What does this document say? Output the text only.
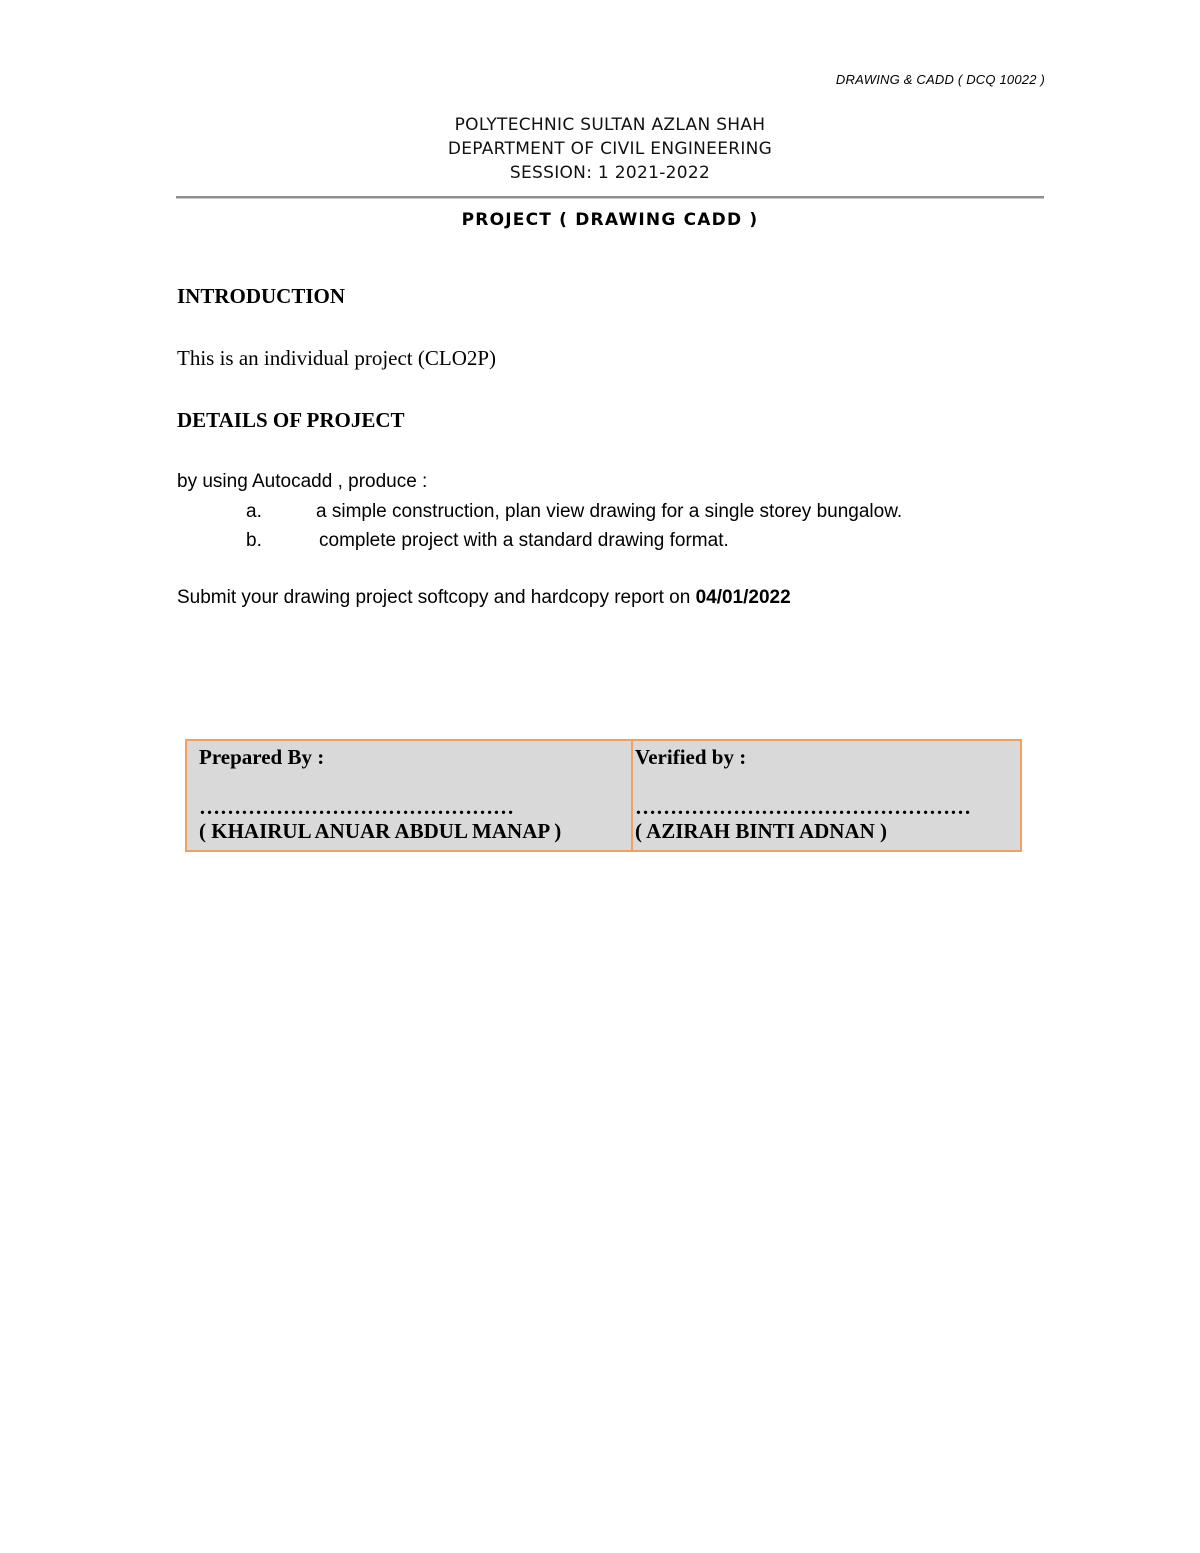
DRAWING & CADD ( DCQ 10022 )
POLYTECHNIC SULTAN AZLAN SHAH
DEPARTMENT OF CIVIL ENGINEERING
SESSION: 1 2021-2022
PROJECT ( DRAWING CADD )
INTRODUCTION
This is an individual project (CLO2P)
DETAILS OF PROJECT
by using Autocadd , produce :
a.	a simple construction, plan view drawing for a single storey bungalow.
b.	complete project with a standard drawing format.
Submit your drawing project softcopy and hardcopy report on 04/01/2022
Prepared By :
………………………………………
( KHAIRUL ANUAR ABDUL MANAP )
Verified by :
…………………………………………
( AZIRAH BINTI ADNAN )
